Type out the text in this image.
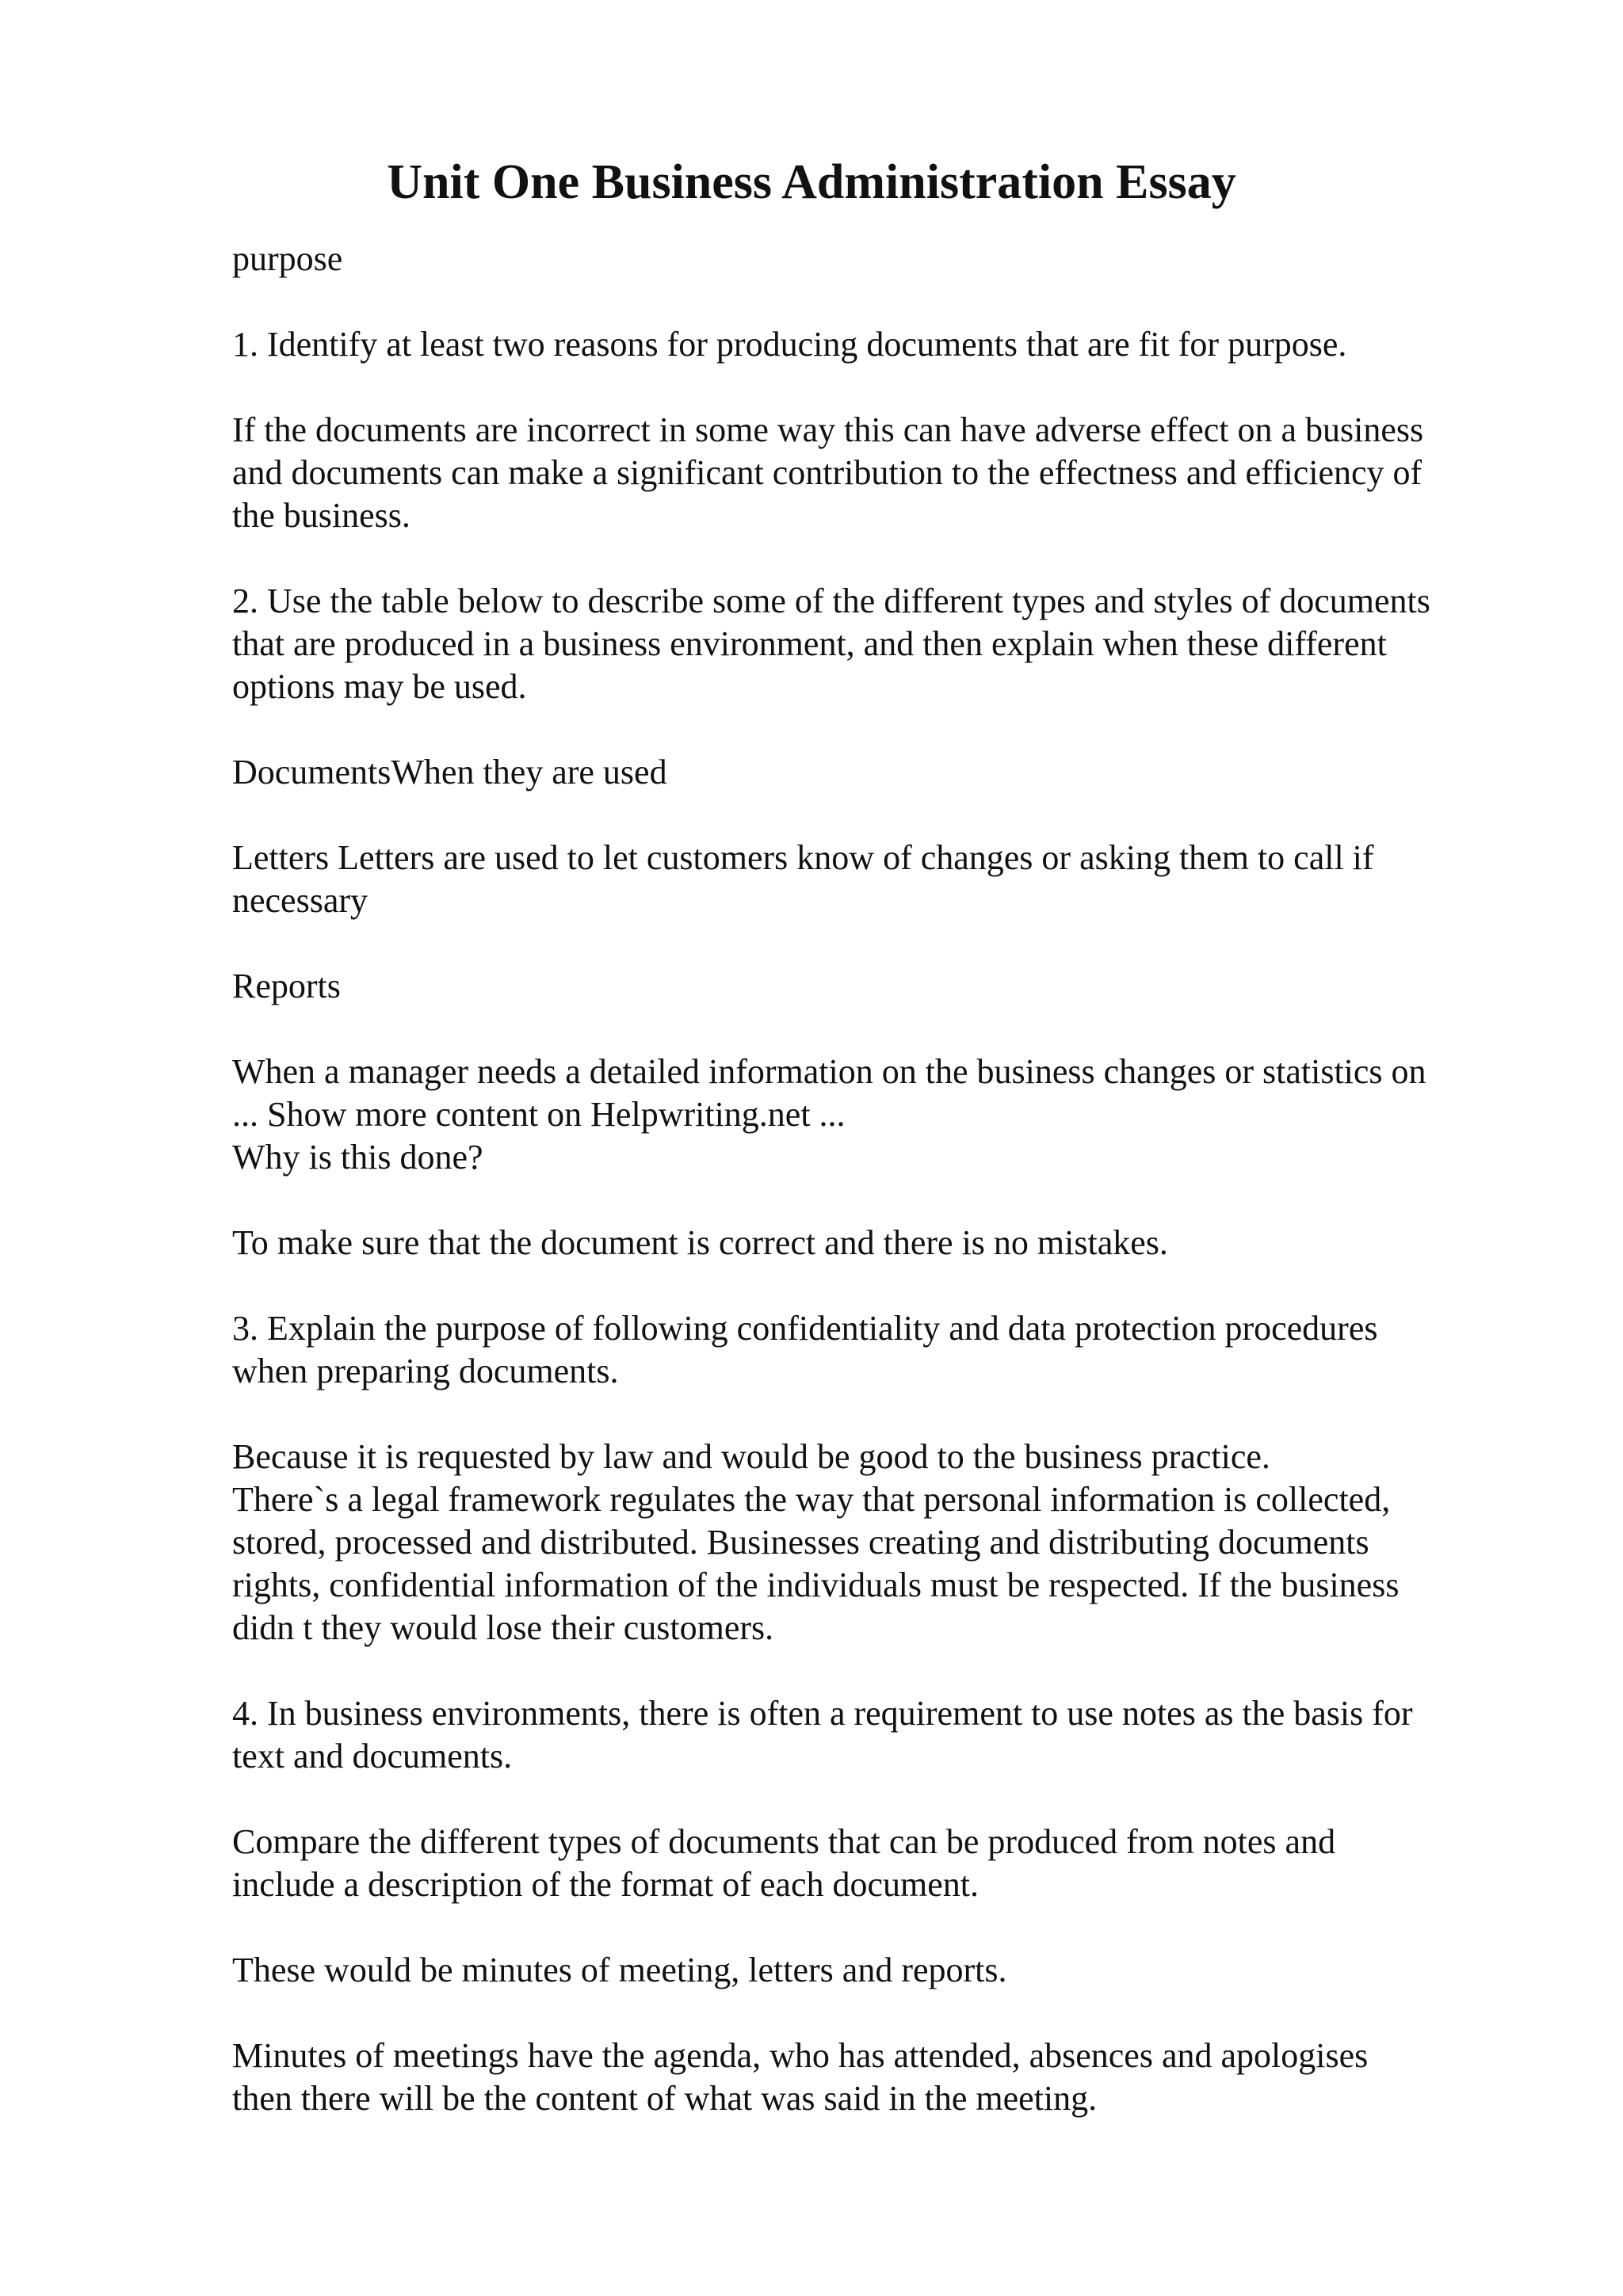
Unit One Business Administration Essay

purpose

1. Identify at least two reasons for producing documents that are fit for purpose.

If the documents are incorrect in some way this can have adverse effect on a business
and documents can make a significant contribution to the effectness and efficiency of
the business.

2. Use the table below to describe some of the different types and styles of documents
that are produced in a business environment, and then explain when these different
options may be used.

DocumentsWhen they are used

Letters Letters are used to let customers know of changes or asking them to call if
necessary

Reports

When a manager needs a detailed information on the business changes or statistics on
... Show more content on Helpwriting.net ...
Why is this done?

To make sure that the document is correct and there is no mistakes.

3. Explain the purpose of following confidentiality and data protection procedures
when preparing documents.

Because it is requested by law and would be good to the business practice.
There`s a legal framework regulates the way that personal information is collected,
stored, processed and distributed. Businesses creating and distributing documents
rights, confidential information of the individuals must be respected. If the business
didn t they would lose their customers.

4. In business environments, there is often a requirement to use notes as the basis for
text and documents.

Compare the different types of documents that can be produced from notes and
include a description of the format of each document.

These would be minutes of meeting, letters and reports.

Minutes of meetings have the agenda, who has attended, absences and apologises
then there will be the content of what was said in the meeting.
